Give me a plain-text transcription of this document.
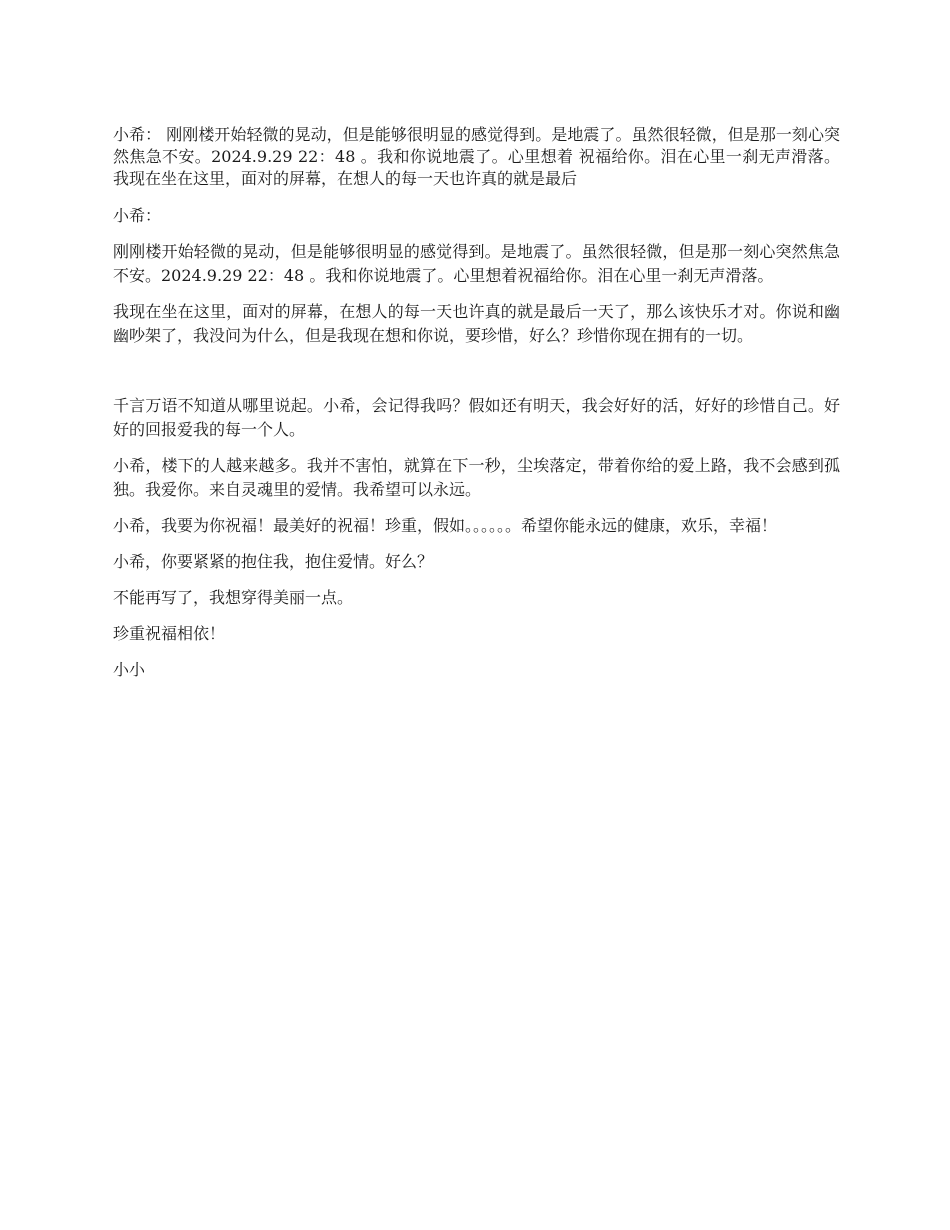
小希： 刚刚楼开始轻微的晃动，但是能够很明显的感觉得到。是地震了。虽然很轻微，但是那一刻心突然焦急不安。2024.9.29 22：48 。我和你说地震了。心里想着 祝福给你。泪在心里一刹无声滑落。 我现在坐在这里，面对的屏幕，在想人的每一天也许真的就是最后

小希：

刚刚楼开始轻微的晃动，但是能够很明显的感觉得到。是地震了。虽然很轻微，但是那一刻心突然焦急不安。2024.9.29 22：48 。我和你说地震了。心里想着祝福给你。泪在心里一刹无声滑落。

我现在坐在这里，面对的屏幕，在想人的每一天也许真的就是最后一天了，那么该快乐才对。你说和幽幽吵架了，我没问为什么，但是我现在想和你说，要珍惜，好么？珍惜你现在拥有的一切。

千言万语不知道从哪里说起。小希，会记得我吗？假如还有明天，我会好好的活，好好的珍惜自己。好好的回报爱我的每一个人。

小希，楼下的人越来越多。我并不害怕，就算在下一秒，尘埃落定，带着你给的爱上路，我不会感到孤独。我爱你。来自灵魂里的爱情。我希望可以永远。

小希，我要为你祝福！最美好的祝福！珍重，假如。。。。。。希望你能永远的健康，欢乐，幸福！

小希，你要紧紧的抱住我，抱住爱情。好么？

不能再写了，我想穿得美丽一点。

珍重祝福相依！

小小
